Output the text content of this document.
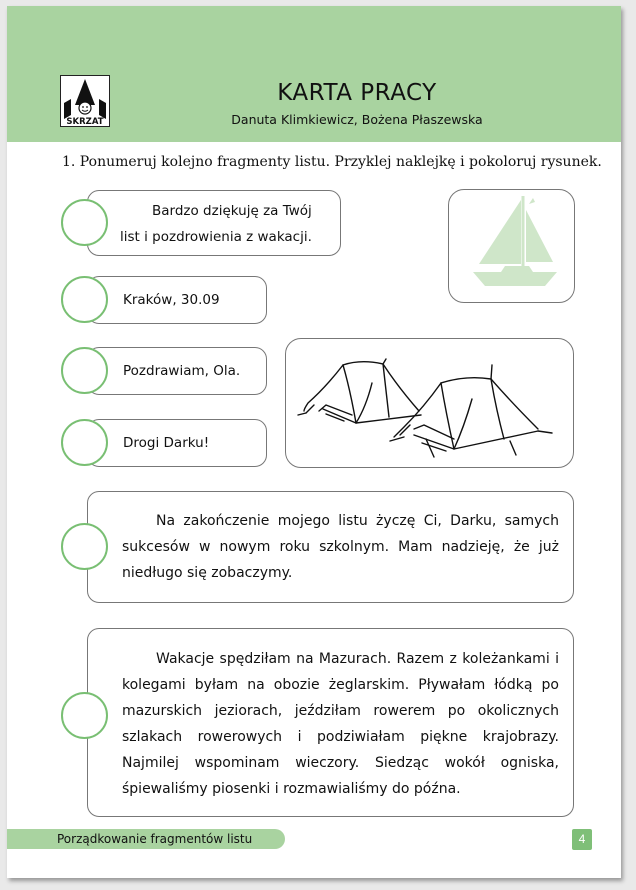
SKRZAT
KARTA PRACY
Danuta Klimkiewicz, Bożena Płaszewska
1. Ponumeruj kolejno fragmenty listu. Przyklej naklejkę i pokoloruj rysunek.
Bardzo dziękuję za Twój
list i pozdrowienia z wakacji.
Kraków, 30.09
Pozdrawiam, Ola.
Drogi Darku!
Na zakończenie mojego listu życzę Ci, Darku, samych sukcesów w nowym roku szkolnym. Mam nadzieję, że już niedługo się zobaczymy.
Wakacje spędziłam na Mazurach. Razem z koleżankami i kolegami byłam na obozie żeglarskim. Pływałam łódką po mazurskich jeziorach, jeździłam rowerem po okolicznych szlakach rowerowych i podziwiałam piękne krajobrazy. Najmilej wspominam wieczory. Siedząc wokół ogniska, śpiewaliśmy piosenki i rozmawialiśmy do późna.
Porządkowanie fragmentów listu	4
